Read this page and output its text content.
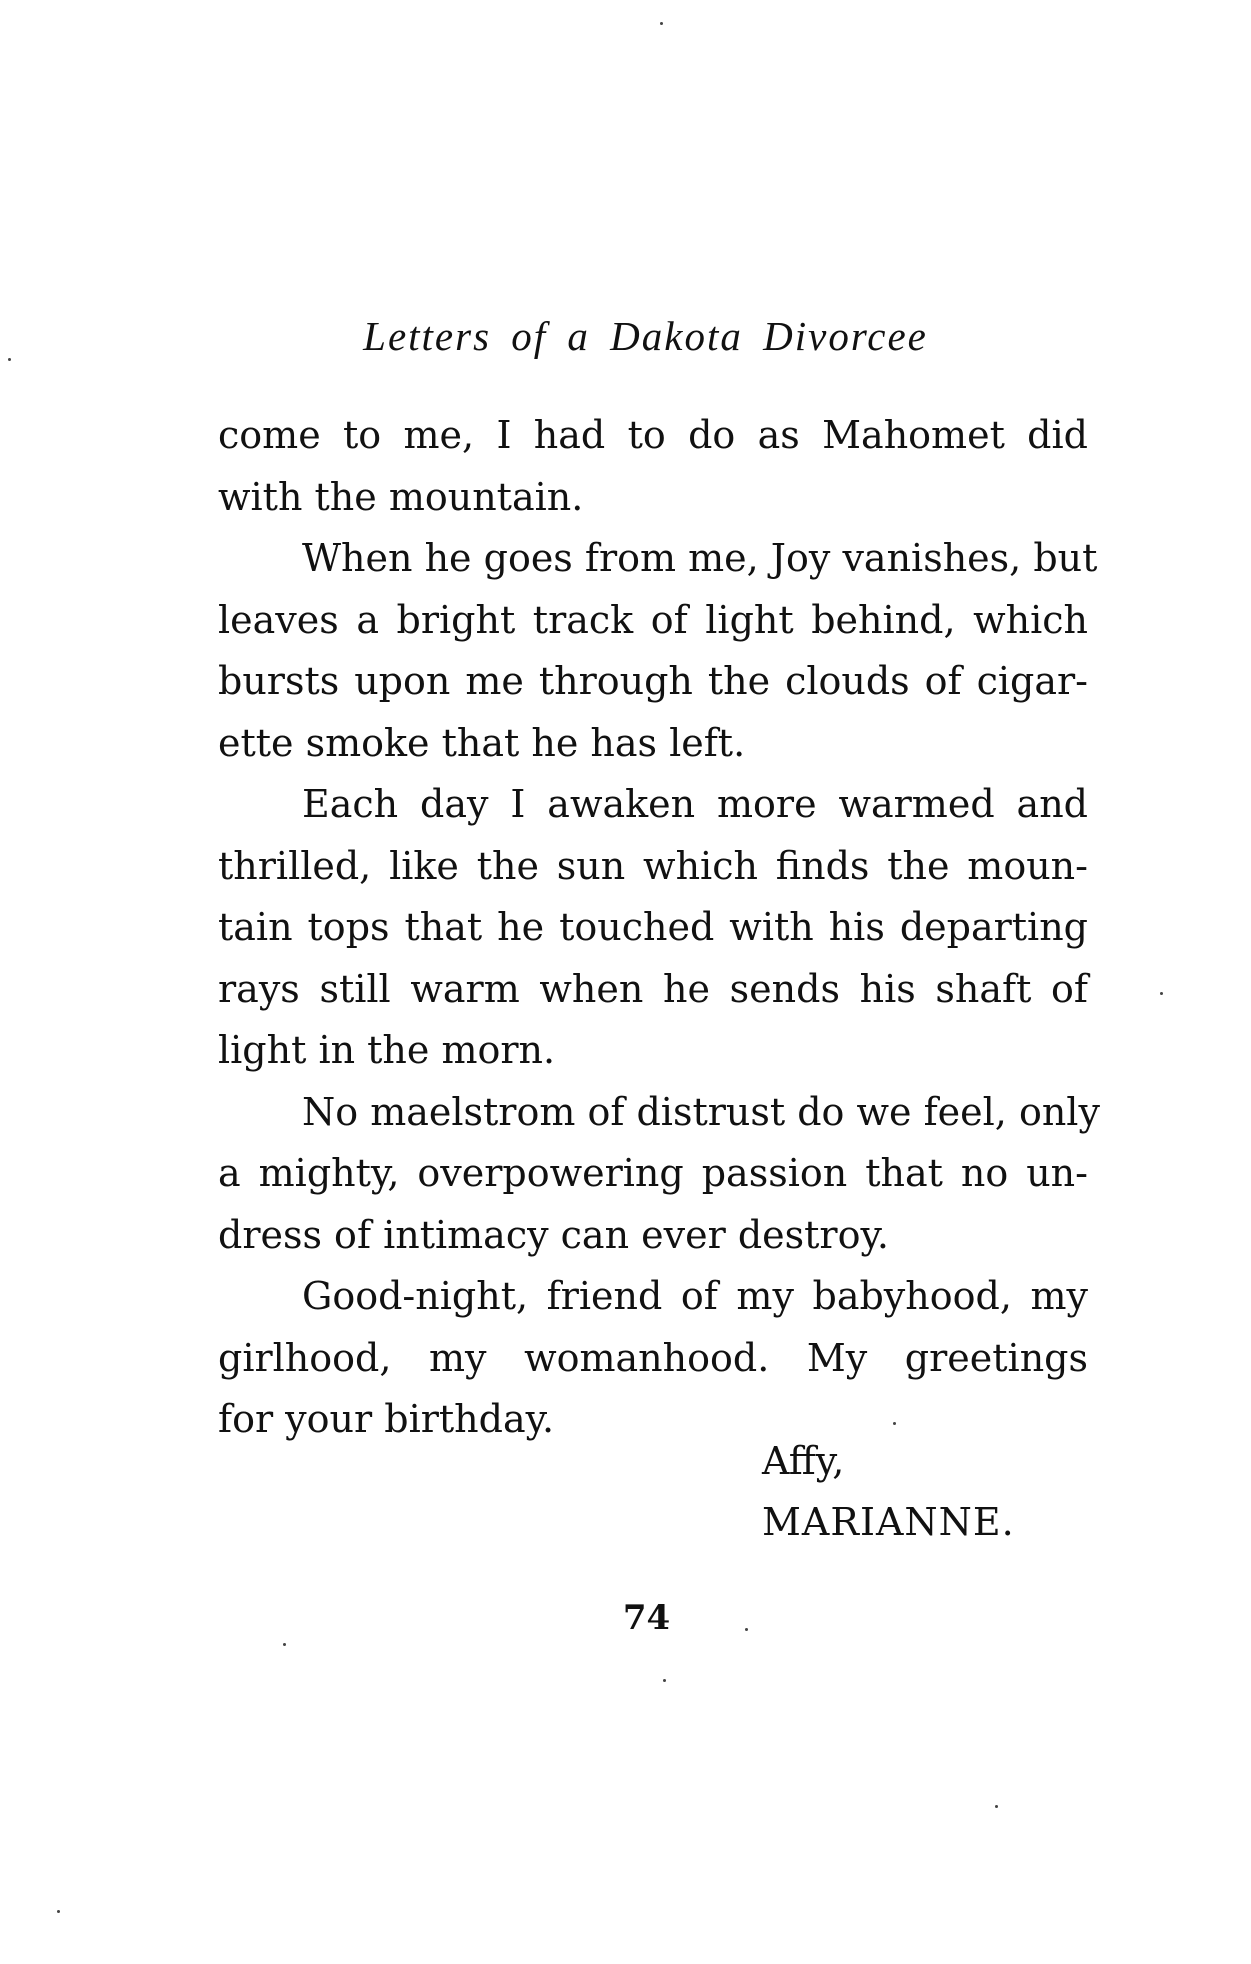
Letters of a Dakota Divorcee

come to me, I had to do as Mahomet did
with the mountain.

When he goes from me, Joy vanishes, but
leaves a bright track of light behind, which
bursts upon me through the clouds of cigar-
ette smoke that he has left.

Each day I awaken more warmed and
thrilled, like the sun which finds the moun-
tain tops that he touched with his departing
rays still warm when he sends his shaft of
light in the morn.

No maelstrom of distrust do we feel, only
a mighty, overpowering passion that no un-
dress of intimacy can ever destroy.

Good-night, friend of my babyhood, my
girlhood, my womanhood. My greetings
for your birthday.

Affy,
MARIANNE.
74
